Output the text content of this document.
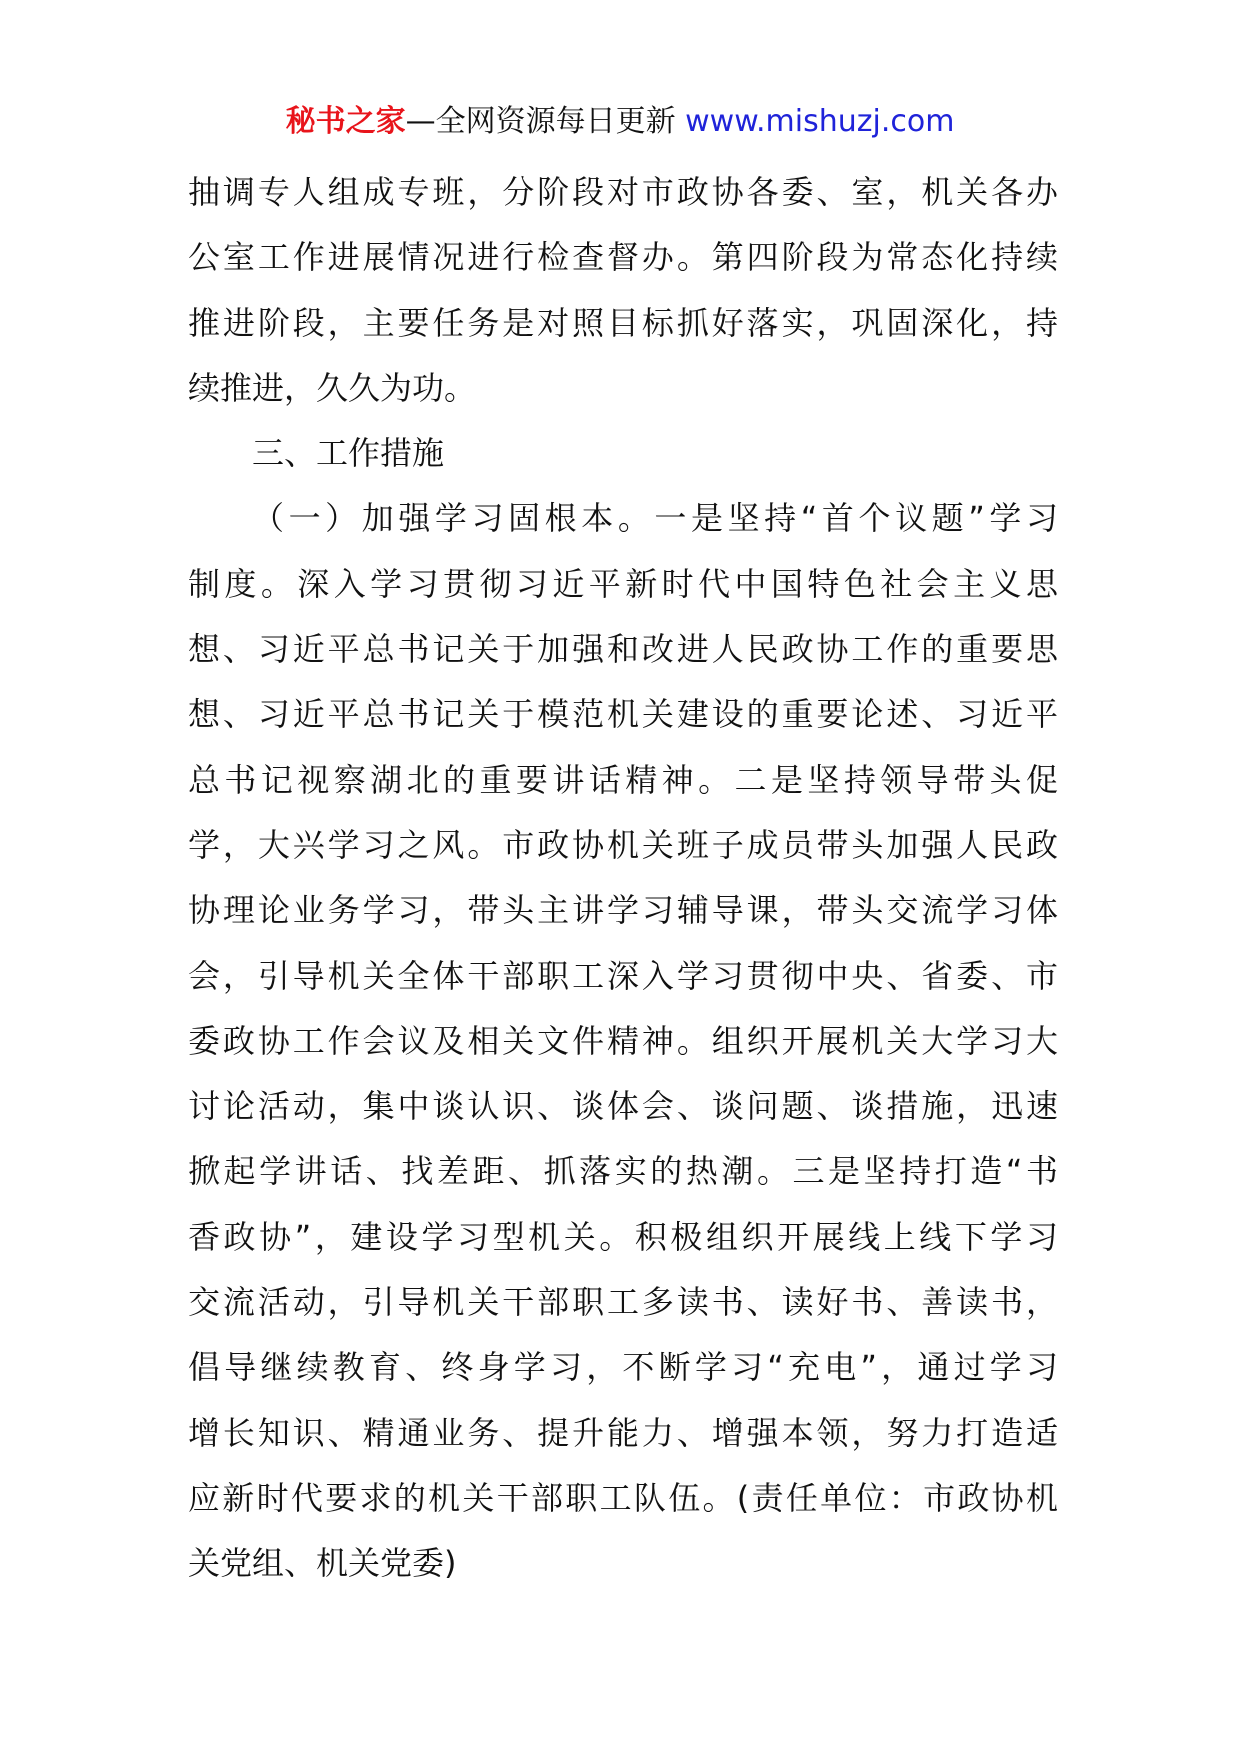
秘书之家—全网资源每日更新 www.mishuzj.com
抽调专人组成专班，分阶段对市政协各委、室，机关各办
公室工作进展情况进行检查督办。第四阶段为常态化持续
推进阶段，主要任务是对照目标抓好落实，巩固深化，持
续推进，久久为功。
三、工作措施
（一）加强学习固根本。一是坚持“首个议题”学习
制度。深入学习贯彻习近平新时代中国特色社会主义思
想、习近平总书记关于加强和改进人民政协工作的重要思
想、习近平总书记关于模范机关建设的重要论述、习近平
总书记视察湖北的重要讲话精神。二是坚持领导带头促
学，大兴学习之风。市政协机关班子成员带头加强人民政
协理论业务学习，带头主讲学习辅导课，带头交流学习体
会，引导机关全体干部职工深入学习贯彻中央、省委、市
委政协工作会议及相关文件精神。组织开展机关大学习大
讨论活动，集中谈认识、谈体会、谈问题、谈措施，迅速
掀起学讲话、找差距、抓落实的热潮。三是坚持打造“书
香政协”，建设学习型机关。积极组织开展线上线下学习
交流活动，引导机关干部职工多读书、读好书、善读书，
倡导继续教育、终身学习，不断学习“充电”，通过学习
增长知识、精通业务、提升能力、增强本领，努力打造适
应新时代要求的机关干部职工队伍。(责任单位：市政协机
关党组、机关党委)
